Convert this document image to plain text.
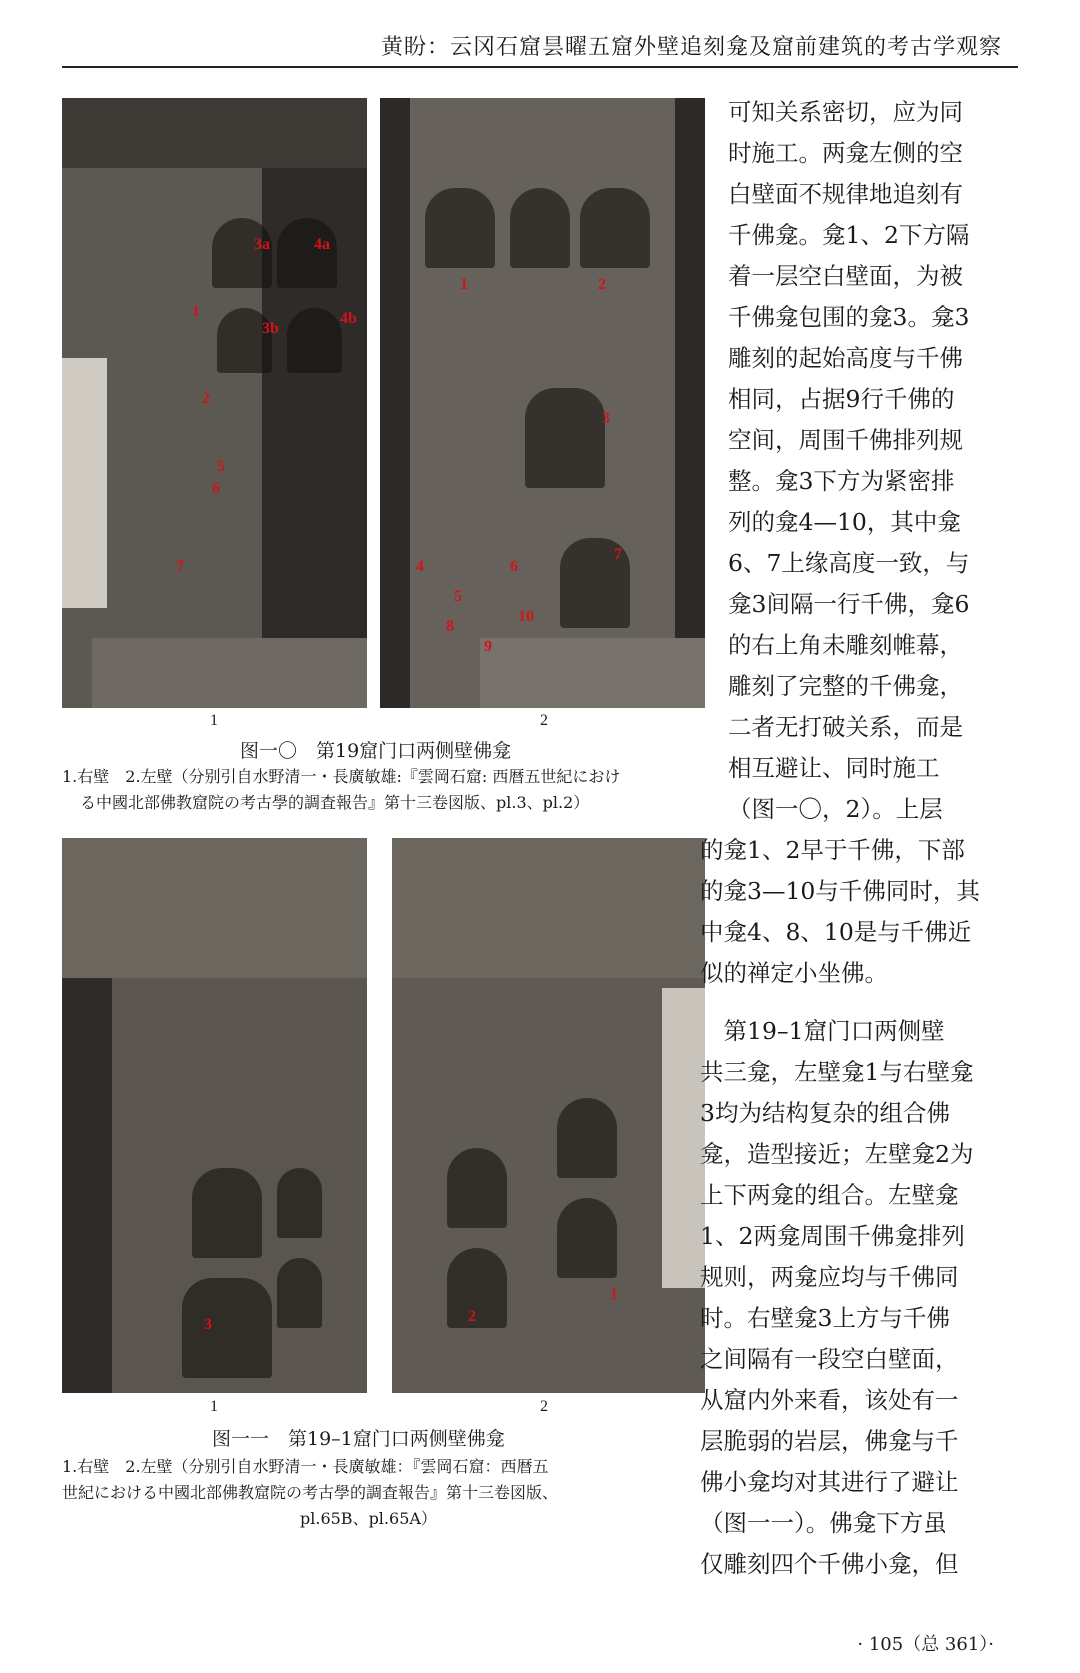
黄盼：云冈石窟昙曜五窟外壁追刻龛及窟前建筑的考古学观察
3a	4a
1
3b
4b
2
5
6
7
1
1	2
3
7
4	6
5
10
8
9
2
图一〇　第19窟门口两侧壁佛龛
1.右壁　2.左壁（分别引自水野清一・長廣敏雄:『雲岡石窟: 西暦五世紀におけ
る中國北部佛教窟院の考古學的調査報告』第十三卷図版、pl.3、pl.2）
3
1
2
1
2
图一一　第19–1窟门口两侧壁佛龛
1.右壁　2.左壁（分别引自水野清一・長廣敏雄：『雲岡石窟：西暦五
世紀における中國北部佛教窟院の考古學的調査報告』第十三卷図版、
pl.65B、pl.65A）
可知关系密切，应为同
时施工。两龛左侧的空
白壁面不规律地追刻有
千佛龛。龛1、2下方隔
着一层空白壁面，为被
千佛龛包围的龛3。龛3
雕刻的起始高度与千佛
相同，占据9行千佛的
空间，周围千佛排列规
整。龛3下方为紧密排
列的龛4—10，其中龛
6、7上缘高度一致，与
龛3间隔一行千佛，龛6
的右上角未雕刻帷幕，
雕刻了完整的千佛龛，
二者无打破关系，而是
相互避让、同时施工
（图一〇，2）。上层
的龛1、2早于千佛，下部
的龛3—10与千佛同时，其
中龛4、8、10是与千佛近
似的禅定小坐佛。
　第19–1窟门口两侧壁
共三龛，左壁龛1与右壁龛
3均为结构复杂的组合佛
龛，造型接近；左壁龛2为
上下两龛的组合。左壁龛
1、2两龛周围千佛龛排列
规则，两龛应均与千佛同
时。右壁龛3上方与千佛
之间隔有一段空白壁面，
从窟内外来看，该处有一
层脆弱的岩层，佛龛与千
佛小龛均对其进行了避让
（图一一）。佛龛下方虽
仅雕刻四个千佛小龛，但
· 105（总 361）·
